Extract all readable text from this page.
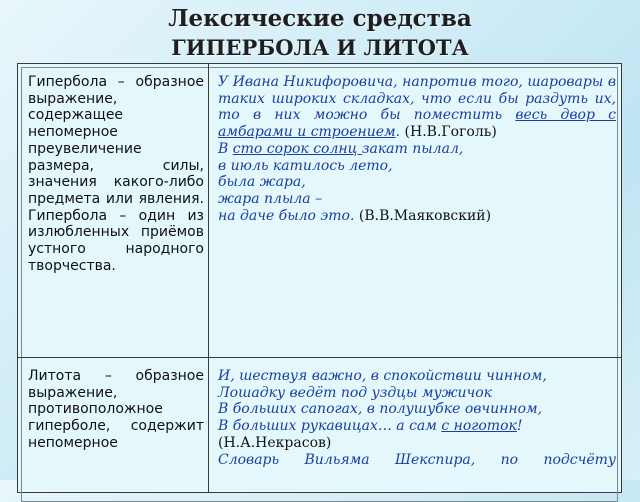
Лексические средства
ГИПЕРБОЛА И ЛИТОТА
Гипербола – образное выражение, содержащее непомерное преувеличение размера, силы, значения какого-либо предмета или явления. Гипербола – один из излюбленных приёмов устного народного творчества.
У Ивана Никифоровича, напротив того, шаровары в таких широких складках, что если бы раздуть их, то в них можно бы поместить весь двор с амбарами и строением. (Н.В.Гоголь)
В сто сорок солнц закат пылал,
в июль катилось лето,
была жара,
жара плыла –
на даче было это. (В.В.Маяковский)
Литота – образное выражение, противоположное гиперболе, содержит непомерное
И, шествуя важно, в спокойствии чинном,
Лошадку ведёт под уздцы мужичок
В больших сапогах, в полушубке овчинном,
В больших рукавицах… а сам с ноготок!
(Н.А.Некрасов)
Словарь Вильяма Шекспира, по подсчёту
